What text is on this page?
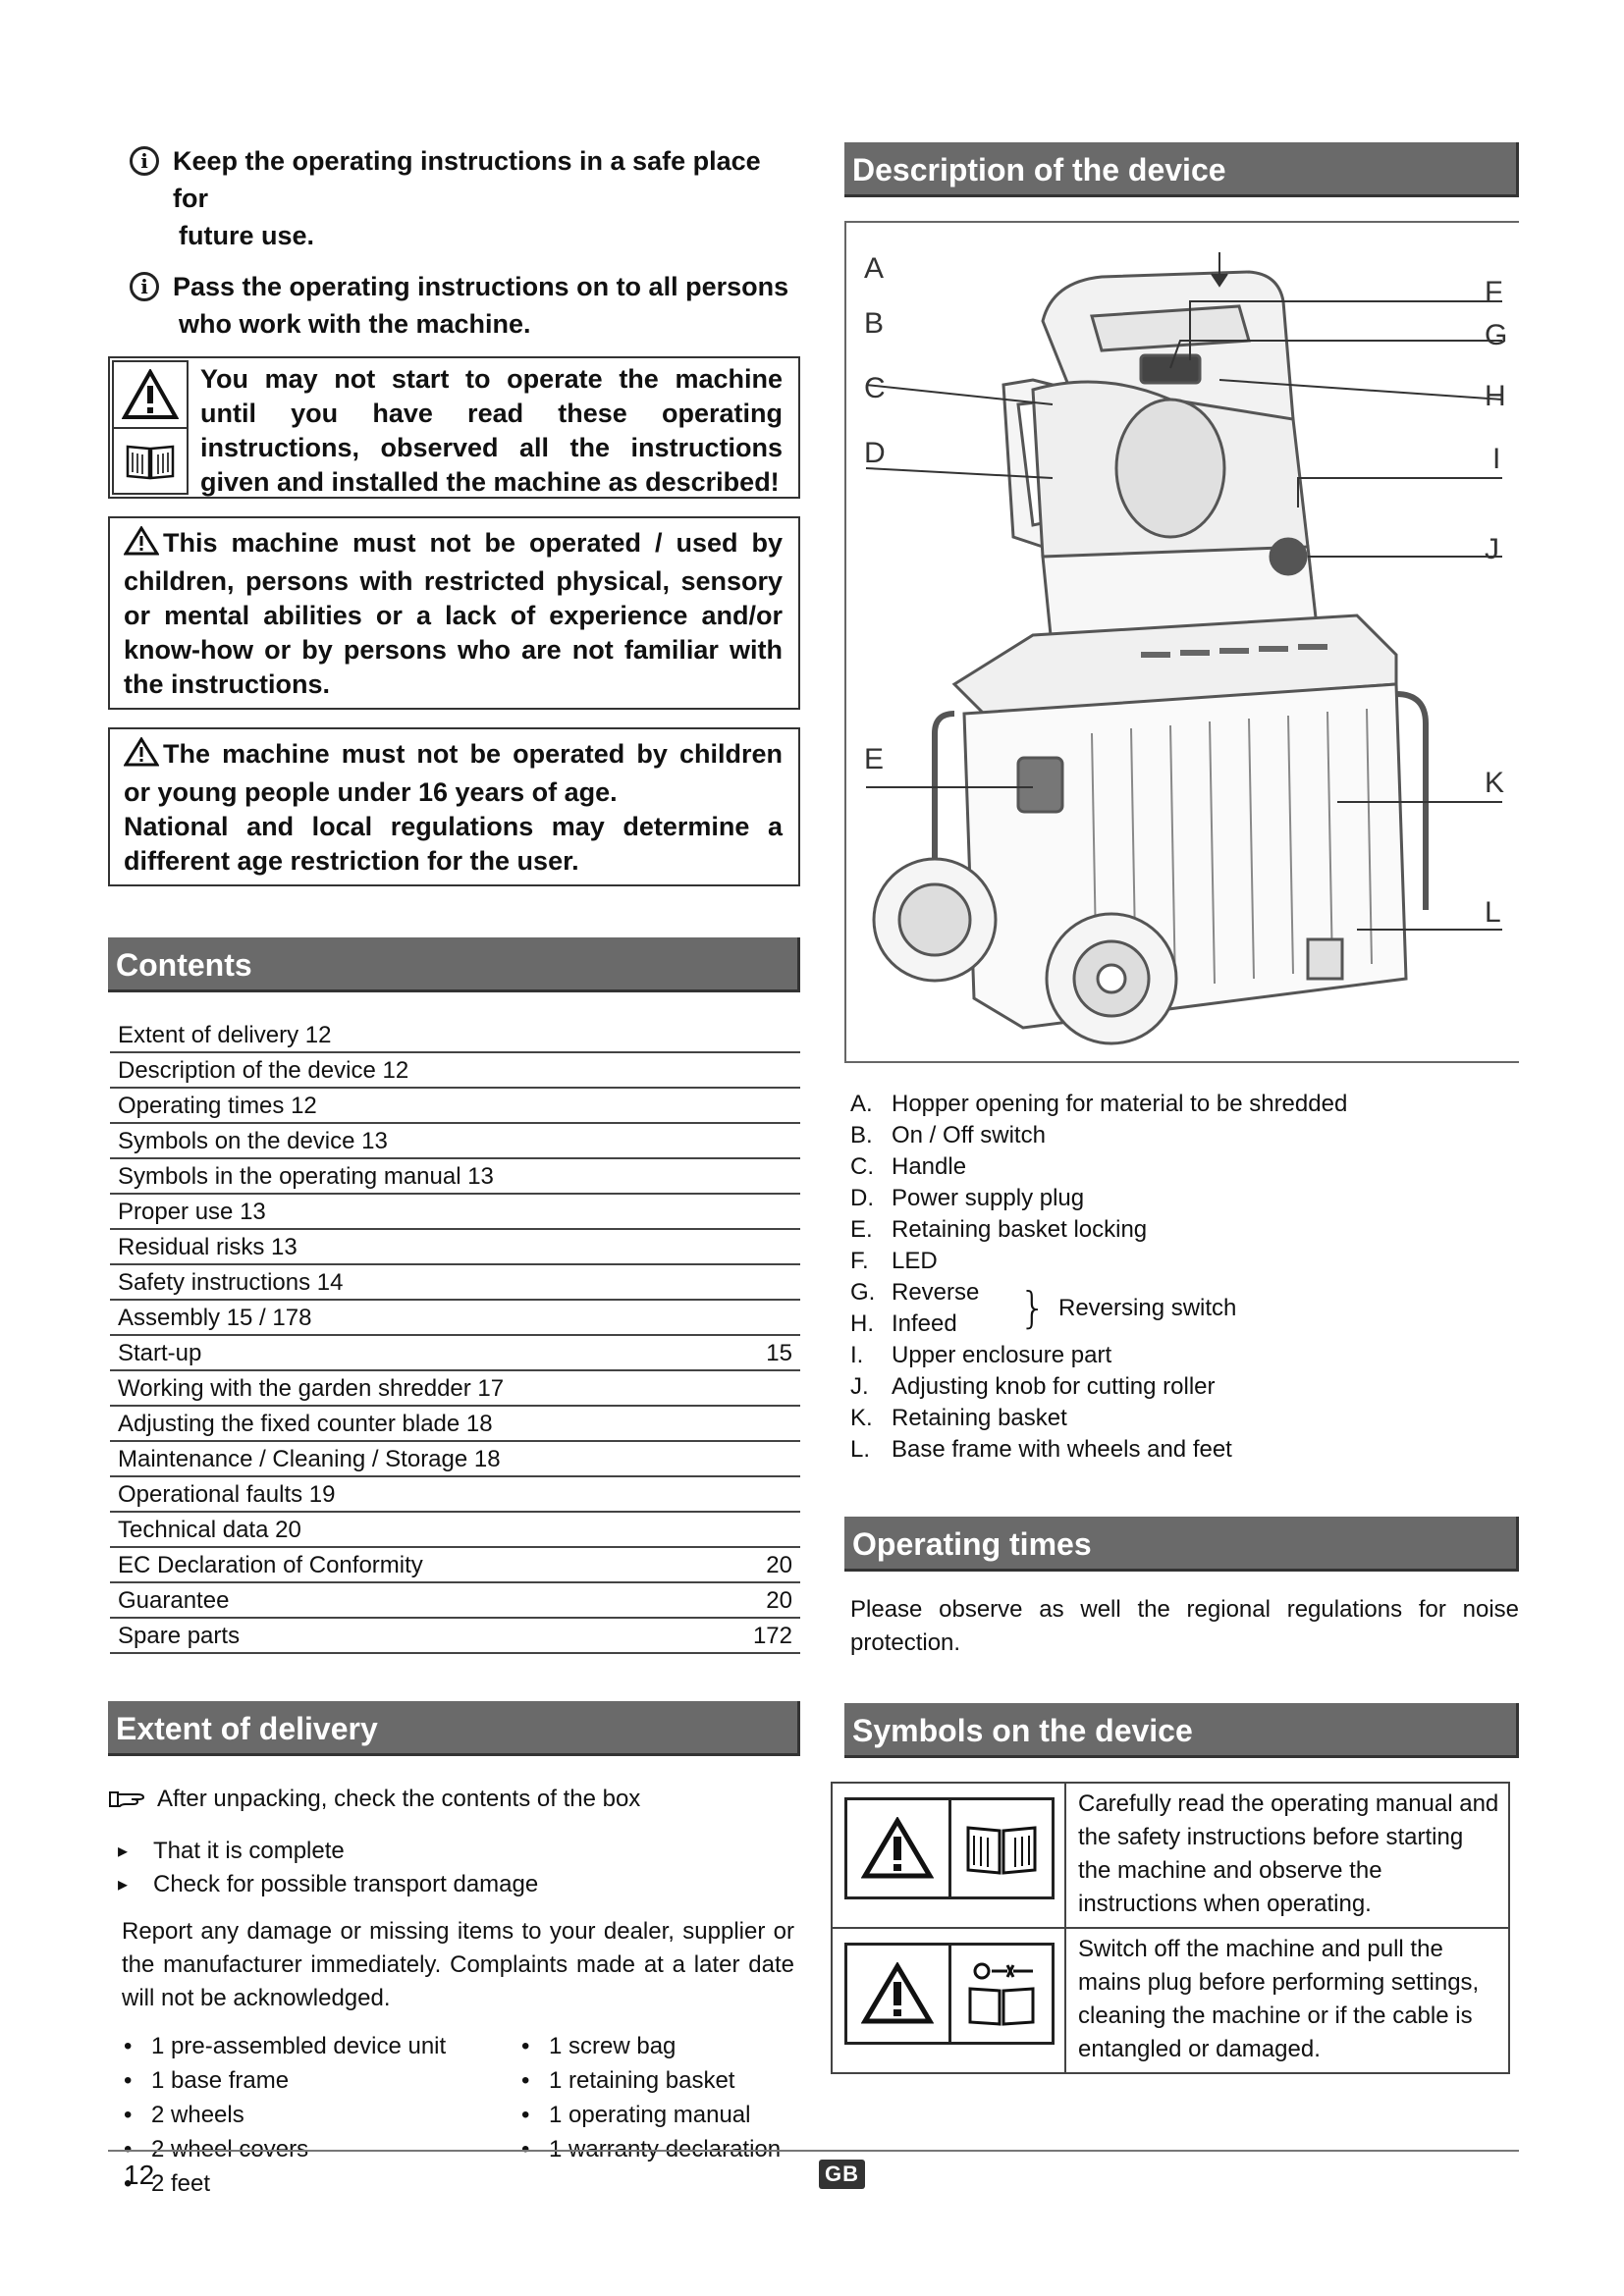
i Keep the operating instructions in a safe place for
future use.
i Pass the operating instructions on to all persons
who work with the machine.
You may not start to operate the machine until you have read these operating instructions, observed all the instructions given and installed the machine as described!
This machine must not be operated / used by children, persons with restricted physical, sensory or mental abilities or a lack of experience and/or know-how or by persons who are not familiar with the instructions.
The machine must not be operated by children or young people under 16 years of age.
National and local regulations may determine a different age restriction for the user.
Contents
Extent of delivery 12
Description of the device 12
Operating times 12
Symbols on the device 13
Symbols in the operating manual 13
Proper use 13
Residual risks 13
Safety instructions 14
Assembly 15 / 178
Start-up	15
Working with the garden shredder 17
Adjusting the fixed counter blade 18
Maintenance / Cleaning / Storage 18
Operational faults 19
Technical data 20
EC Declaration of Conformity	20
Guarantee	20
Spare parts	172
Extent of delivery
After unpacking, check the contents of the box
▸ That it is complete
▸ Check for possible transport damage
Report any damage or missing items to your dealer, supplier or the manufacturer immediately. Complaints made at a later date will not be acknowledged.
• 1 pre-assembled device unit	• 1 screw bag
• 1 base frame	• 1 retaining basket
• 2 wheels	• 1 operating manual
• 2 wheel covers	• 1 warranty declaration
• 2 feet
Description of the device
A
B
C
D
E
F
G
H
I
J
K
L
A. Hopper opening for material to be shredded
B. On / Off switch
C. Handle
D. Power supply plug
E. Retaining basket locking
F. LED
G. Reverse } Reversing switch
H. Infeed
I.	Upper enclosure part
J. Adjusting knob for cutting roller
K. Retaining basket
L. Base frame with wheels and feet
Operating times
Please observe as well the regional regulations for noise protection.
Symbols on the device
Carefully read the operating manual and the safety instructions before starting the machine and observe the instructions when operating.
Switch off the machine and pull the mains plug before performing settings, cleaning the machine or if the cable is entangled or damaged.
12	GB
